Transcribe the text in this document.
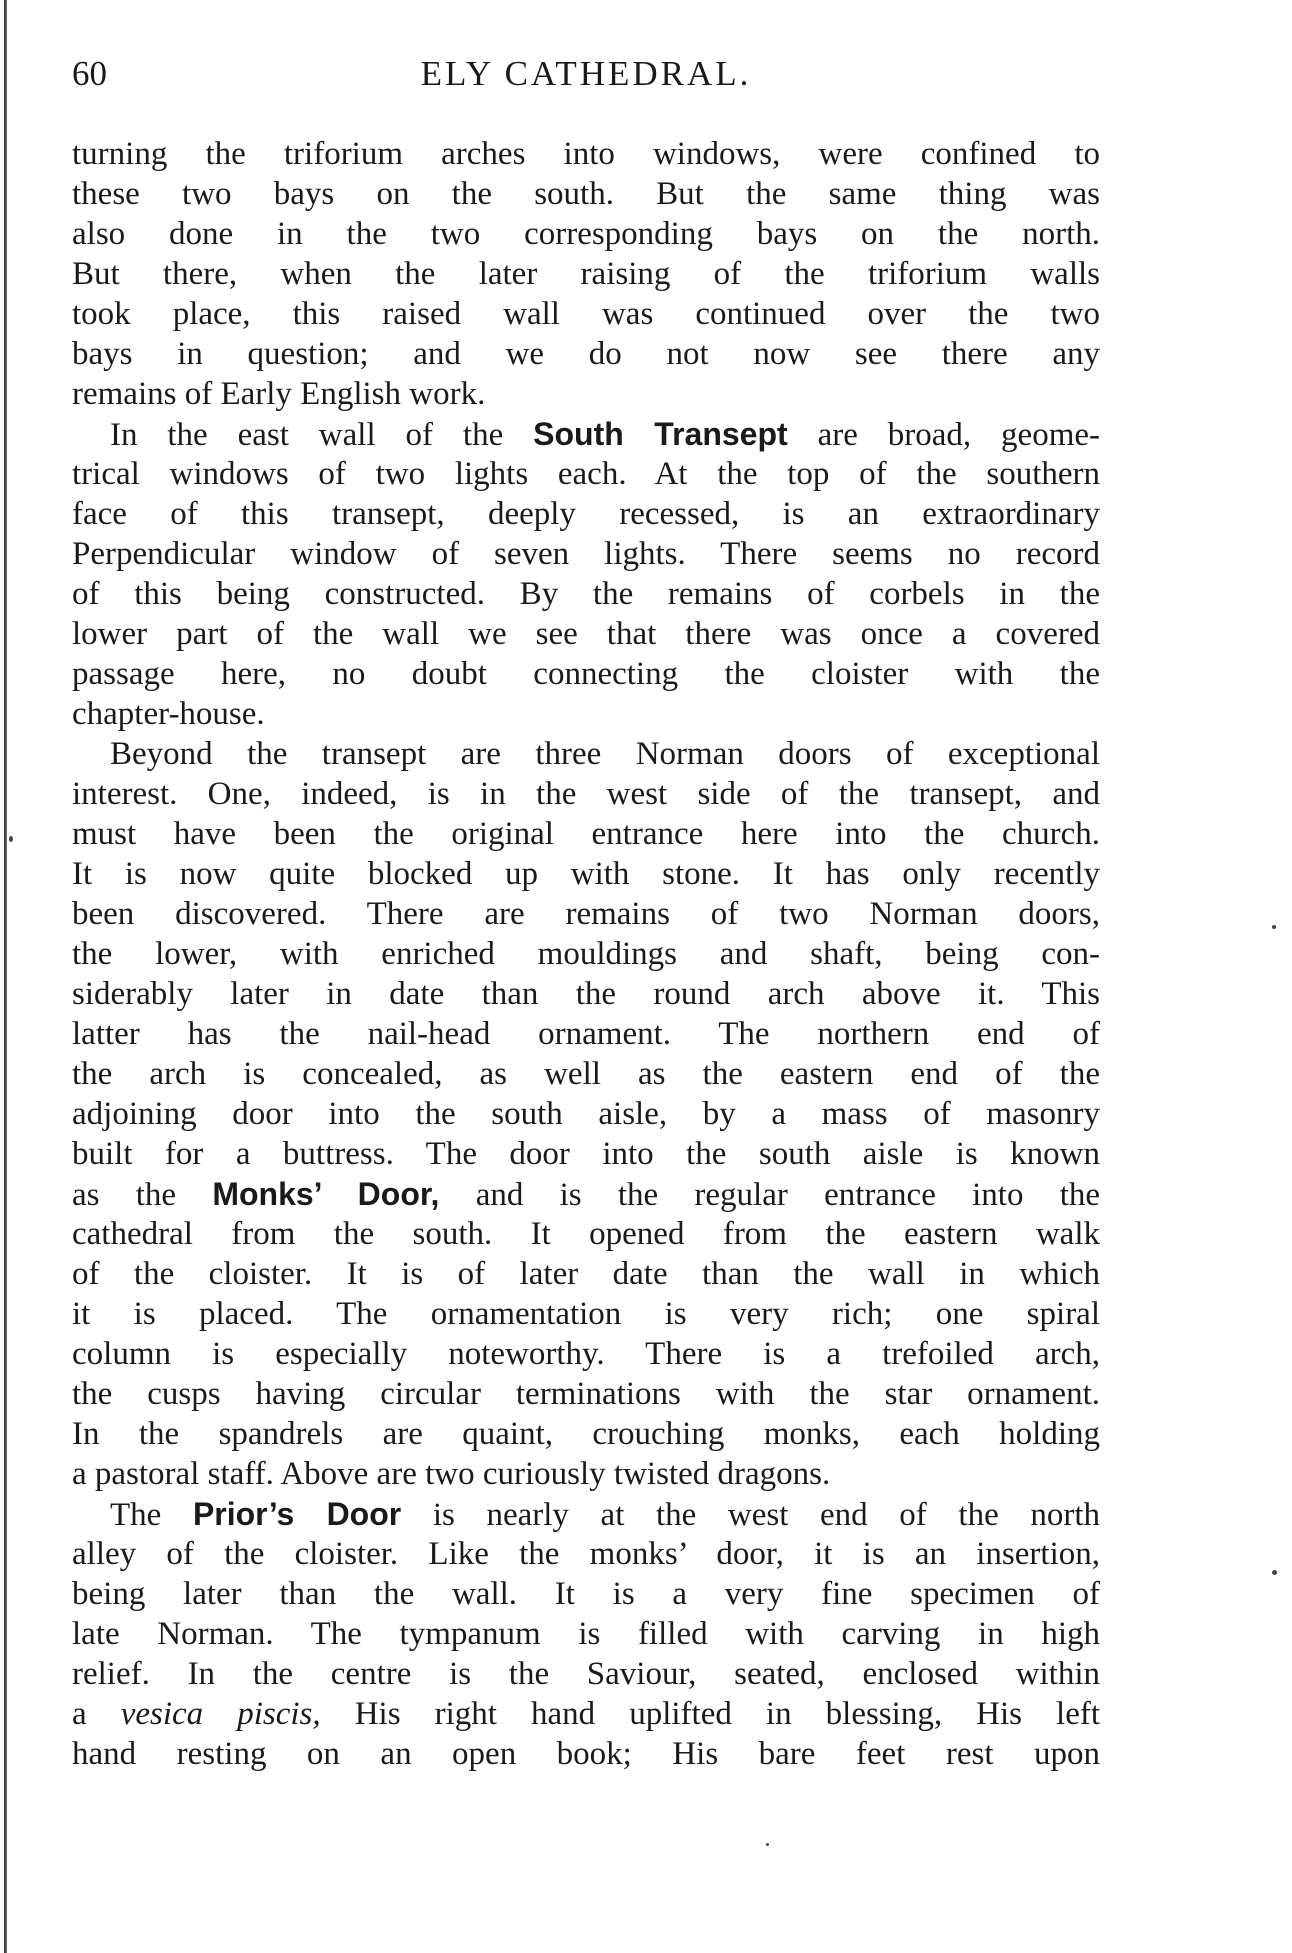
60	ELY CATHEDRAL.
turning the triforium arches into windows, were confined to
these two bays on the south. But the same thing was
also done in the two corresponding bays on the north.
But there, when the later raising of the triforium walls
took place, this raised wall was continued over the two
bays in question; and we do not now see there any
remains of Early English work.
In the east wall of the South Transept are broad, geome-
trical windows of two lights each. At the top of the southern
face of this transept, deeply recessed, is an extraordinary
Perpendicular window of seven lights. There seems no record
of this being constructed. By the remains of corbels in the
lower part of the wall we see that there was once a covered
passage here, no doubt connecting the cloister with the
chapter-house.
Beyond the transept are three Norman doors of exceptional
interest. One, indeed, is in the west side of the transept, and
must have been the original entrance here into the church.
It is now quite blocked up with stone. It has only recently
been discovered. There are remains of two Norman doors,
the lower, with enriched mouldings and shaft, being con-
siderably later in date than the round arch above it. This
latter has the nail-head ornament. The northern end of
the arch is concealed, as well as the eastern end of the
adjoining door into the south aisle, by a mass of masonry
built for a buttress. The door into the south aisle is known
as the Monks’ Door, and is the regular entrance into the
cathedral from the south. It opened from the eastern walk
of the cloister. It is of later date than the wall in which
it is placed. The ornamentation is very rich; one spiral
column is especially noteworthy. There is a trefoiled arch,
the cusps having circular terminations with the star ornament.
In the spandrels are quaint, crouching monks, each holding
a pastoral staff. Above are two curiously twisted dragons.
The Prior’s Door is nearly at the west end of the north
alley of the cloister. Like the monks’ door, it is an insertion,
being later than the wall. It is a very fine specimen of
late Norman. The tympanum is filled with carving in high
relief. In the centre is the Saviour, seated, enclosed within
a vesica piscis, His right hand uplifted in blessing, His left
hand resting on an open book; His bare feet rest upon
